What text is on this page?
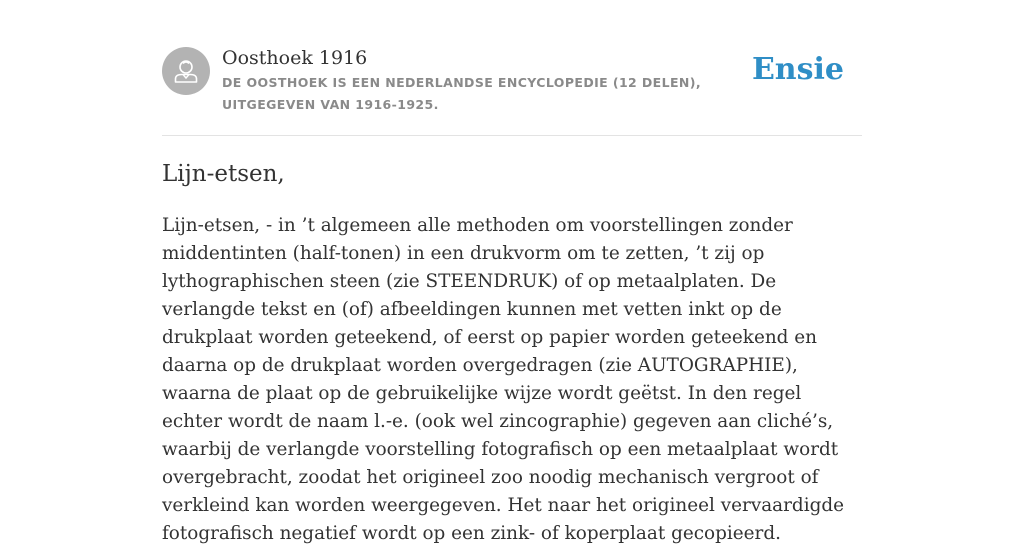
Oosthoek 1916
DE OOSTHOEK IS EEN NEDERLANDSE ENCYCLOPEDIE (12 DELEN), UITGEGEVEN VAN 1916-1925.
Ensie
Lijn-etsen,

Lijn-etsen, - in ’t algemeen alle methoden om voorstellingen zonder middentinten (half-tonen) in een drukvorm om te zetten, ’t zij op lythographischen steen (zie STEENDRUK) of op metaalplaten. De verlangde tekst en (of) afbeeldingen kunnen met vetten inkt op de drukplaat worden geteekend, of eerst op papier worden geteekend en daarna op de drukplaat worden overgedragen (zie AUTOGRAPHIE), waarna de plaat op de gebruikelijke wijze wordt geëtst. In den regel echter wordt de naam l.-e. (ook wel zincographie) gegeven aan cliché’s, waarbij de verlangde voorstelling fotografisch op een metaalplaat wordt overgebracht, zoodat het origineel zoo noodig mechanisch vergroot of verkleind kan worden weergegeven. Het naar het origineel vervaardigde fotografisch negatief wordt op een zink- of koperplaat gecopieerd.
